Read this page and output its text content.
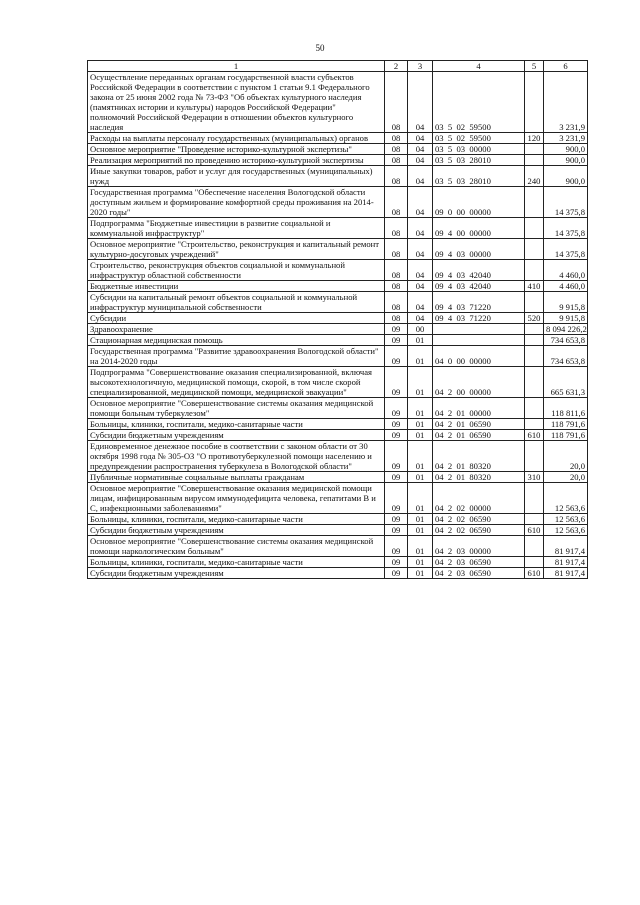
50
1	2	3	4	5	6
Осуществление переданных органам государственной власти субъектов Российской Федерации в соответствии с пунктом 1 статьи 9.1 Федерального закона от 25 июня 2002 года № 73-ФЗ "Об объектах культурного наследия (памятниках истории и культуры) народов Российской Федерации" полномочий Российской Федерации в отношении объектов культурного наследия	08	04	03  5  02  59500		3 231,9
Расходы на выплаты персоналу государственных (муниципальных) органов	08	04	03  5  02  59500	120	3 231,9
Основное мероприятие "Проведение историко-культурной экспертизы"	08	04	03  5  03  00000		900,0
Реализация мероприятий по проведению историко-культурной экспертизы	08	04	03  5  03  28010		900,0
Иные закупки товаров, работ и услуг для государственных (муниципальных) нужд	08	04	03  5  03  28010	240	900,0
Государственная программа "Обеспечение населения Вологодской области доступным жильем и формирование комфортной среды проживания на 2014-2020 годы"	08	04	09  0  00  00000		14 375,8
Подпрограмма "Бюджетные инвестиции в развитие социальной и коммунальной инфраструктур"	08	04	09  4  00  00000		14 375,8
Основное мероприятие "Строительство, реконструкция и капитальный ремонт культурно-досуговых учреждений"	08	04	09  4  03  00000		14 375,8
Строительство, реконструкция объектов социальной и коммунальной инфраструктур областной собственности	08	04	09  4  03  42040		4 460,0
Бюджетные инвестиции	08	04	09  4  03  42040	410	4 460,0
Субсидии на капитальный ремонт объектов социальной и коммунальной инфраструктур муниципальной собственности	08	04	09  4  03  71220		9 915,8
Субсидии	08	04	09  4  03  71220	520	9 915,8
Здравоохранение	09	00			8 094 226,2
Стационарная медицинская помощь	09	01			734 653,8
Государственная программа "Развитие здравоохранения Вологодской области" на 2014-2020 годы	09	01	04  0  00  00000		734 653,8
Подпрограмма "Совершенствование оказания специализированной, включая высокотехнологичную, медицинской помощи, скорой, в том числе скорой специализированной, медицинской помощи, медицинской эвакуации"	09	01	04  2  00  00000		665 631,3
Основное мероприятие "Совершенствование системы оказания медицинской помощи больным туберкулезом"	09	01	04  2  01  00000		118 811,6
Больницы, клиники, госпитали, медико-санитарные части	09	01	04  2  01  06590		118 791,6
Субсидии бюджетным учреждениям	09	01	04  2  01  06590	610	118 791,6
Единовременное денежное пособие в соответствии с законом области от 30 октября 1998 года № 305-ОЗ "О противотуберкулезной помощи населению и предупреждении распространения туберкулеза в Вологодской области"	09	01	04  2  01  80320		20,0
Публичные нормативные социальные выплаты гражданам	09	01	04  2  01  80320	310	20,0
Основное мероприятие "Совершенствование оказания медицинской помощи лицам, инфицированным вирусом иммунодефицита человека, гепатитами В и С, инфекционными заболеваниями"	09	01	04  2  02  00000		12 563,6
Больницы, клиники, госпитали, медико-санитарные части	09	01	04  2  02  06590		12 563,6
Субсидии бюджетным учреждениям	09	01	04  2  02  06590	610	12 563,6
Основное мероприятие "Совершенствование системы оказания медицинской помощи наркологическим больным"	09	01	04  2  03  00000		81 917,4
Больницы, клиники, госпитали, медико-санитарные части	09	01	04  2  03  06590		81 917,4
Субсидии бюджетным учреждениям	09	01	04  2  03  06590	610	81 917,4
